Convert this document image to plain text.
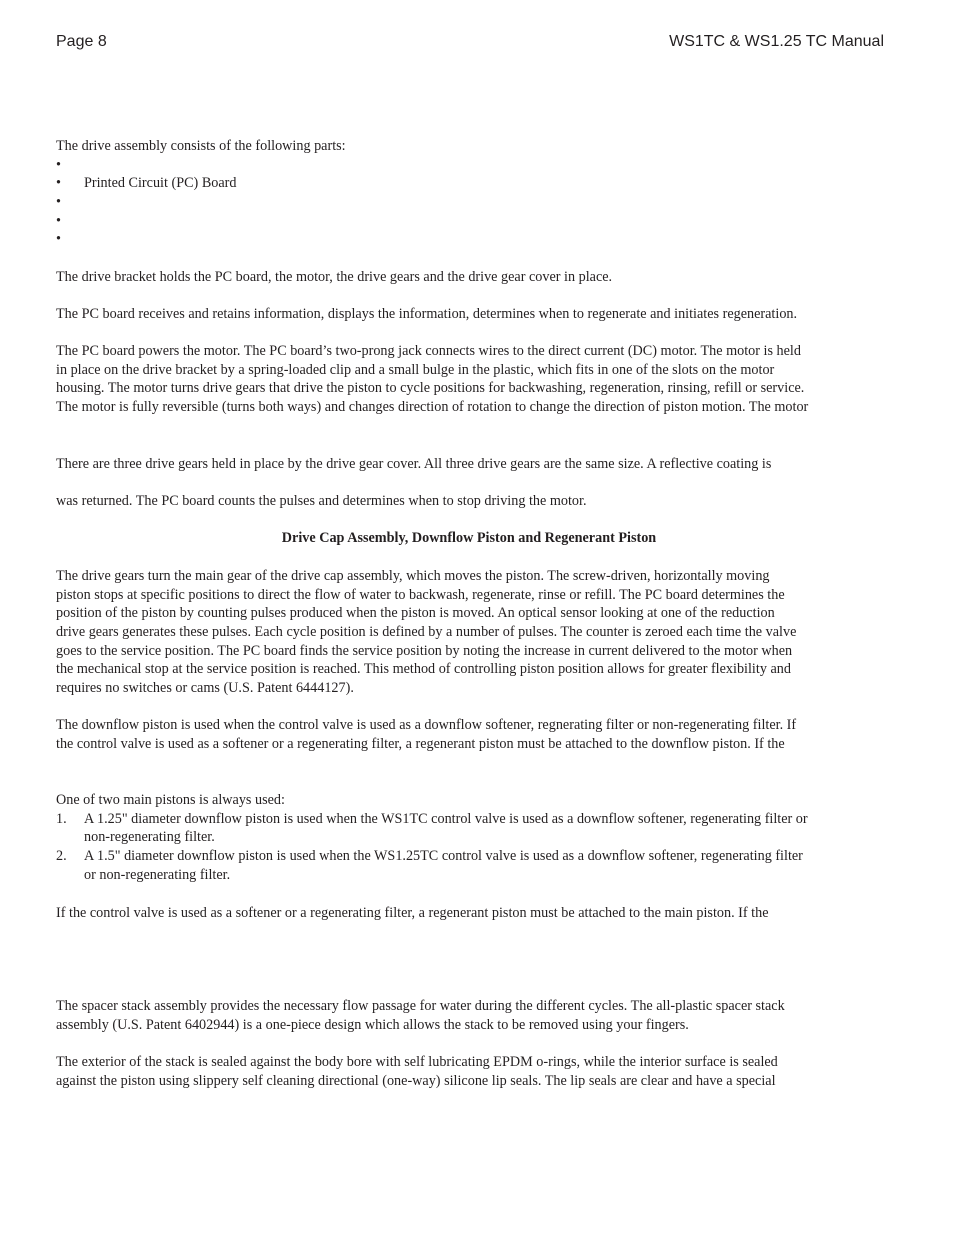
Page 8	WS1TC & WS1.25 TC Manual
The drive assembly consists of the following parts:
•
• Printed Circuit (PC) Board
•
•
•
The drive bracket holds the PC board, the motor, the drive gears and the drive gear cover in place.
The PC board receives and retains information, displays the information, determines when to regenerate and initiates regeneration.
The PC board powers the motor. The PC board’s two-prong jack connects wires to the direct current (DC) motor. The motor is held
in place on the drive bracket by a spring-loaded clip and a small bulge in the plastic, which fits in one of the slots on the motor
housing. The motor turns drive gears that drive the piston to cycle positions for backwashing, regeneration, rinsing, refill or service.
The motor is fully reversible (turns both ways) and changes direction of rotation to change the direction of piston motion. The motor
There are three drive gears held in place by the drive gear cover. All three drive gears are the same size. A reflective coating is
was returned. The PC board counts the pulses and determines when to stop driving the motor.
Drive Cap Assembly, Downflow Piston and Regenerant Piston
The drive gears turn the main gear of the drive cap assembly, which moves the piston. The screw-driven, horizontally moving
piston stops at specific positions to direct the flow of water to backwash, regenerate, rinse or refill. The PC board determines the
position of the piston by counting pulses produced when the piston is moved. An optical sensor looking at one of the reduction
drive gears generates these pulses. Each cycle position is defined by a number of pulses. The counter is zeroed each time the valve
goes to the service position. The PC board finds the service position by noting the increase in current delivered to the motor when
the mechanical stop at the service position is reached. This method of controlling piston position allows for greater flexibility and
requires no switches or cams (U.S. Patent 6444127).
The downflow piston is used when the control valve is used as a downflow softener, regnerating filter or non-regenerating filter. If
the control valve is used as a softener or a regenerating filter, a regenerant piston must be attached to the downflow piston. If the
One of two main pistons is always used:
1. A 1.25" diameter downflow piston is used when the WS1TC control valve is used as a downflow softener, regenerating filter or
non-regenerating filter.
2. A 1.5" diameter downflow piston is used when the WS1.25TC control valve is used as a downflow softener, regenerating filter
or non-regenerating filter.
If the control valve is used as a softener or a regenerating filter, a regenerant piston must be attached to the main piston. If the
The spacer stack assembly provides the necessary flow passage for water during the different cycles. The all-plastic spacer stack
assembly (U.S. Patent 6402944) is a one-piece design which allows the stack to be removed using your fingers.
The exterior of the stack is sealed against the body bore with self lubricating EPDM o-rings, while the interior surface is sealed
against the piston using slippery self cleaning directional (one-way) silicone lip seals. The lip seals are clear and have a special
